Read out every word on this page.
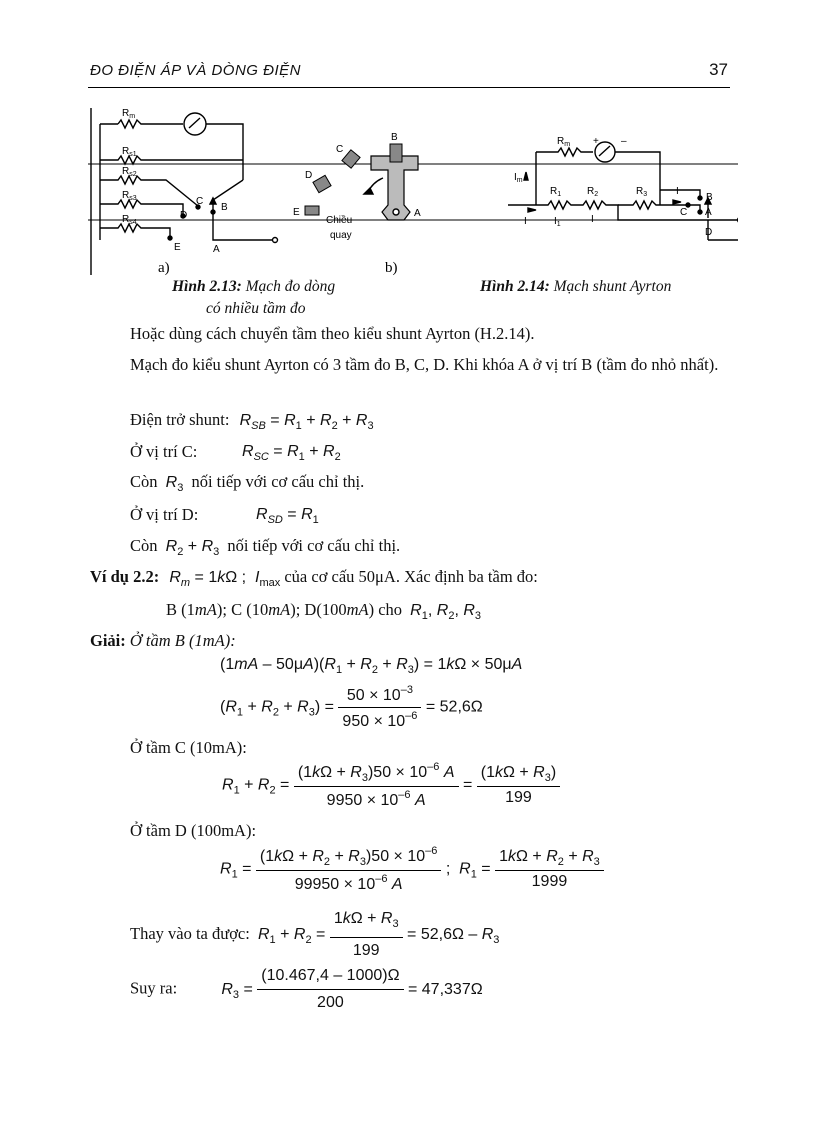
ĐO ĐIỆN ÁP VÀ DÒNG ĐIỆN	37
$R_m$
$R_{s1}$
$R_{s2}$
$R_{s3}$
$R_{s4}$
C
D
B
E	A
a)
B
C
D
E	A
Chiều
quay
b)
$R_m$ + –
$I_m$
$R_1$	$R_2$	$R_3$	I
I	$I_1$	I
B
C A
D
Hình 2.13: Mạch đo dòng
có nhiều tầm đo
Hình 2.14: Mạch shunt Ayrton
Hoặc dùng cách chuyển tầm theo kiểu shunt Ayrton (H.2.14).
Mạch đo kiểu shunt Ayrton có 3 tầm đo B, C, D. Khi khóa A ở vị trí B (tầm đo nhỏ nhất).
Điện trở shunt: $R_{SB} = R_1 + R_2 + R_3$
Ở vị trí C:	$R_{SC} = R_1 + R_2$
Còn $R_3$ nối tiếp với cơ cấu chỉ thị.
Ở vị trí D:	$R_{SD} = R_1$
Còn $R_2 + R_3$ nối tiếp với cơ cấu chỉ thị.
Ví dụ 2.2: $R_m = 1k\Omega$ ;  $I_{max}$ của cơ cấu 50μA. Xác định ba tầm đo:
B (1mA); C (10mA); D(100mA) cho $R_1$, $R_2$, $R_3$
Giải: Ở tầm B (1mA):
$(1mA - 50\mu A)(R_1 + R_2 + R_3) = 1k\Omega \times 50\mu A$
$(R_1 + R_2 + R_3) = \frac{50 \times 10^{-3}}{950 \times 10^{-6}} = 52,6\Omega$
Ở tầm C (10mA):
$R_1 + R_2 = \frac{(1k\Omega + R_3)50 \times 10^{-6} A}{9950 \times 10^{-6} A} = \frac{(1k\Omega + R_3)}{199}$
Ở tầm D (100mA):
$R_1 = \frac{(1k\Omega + R_2 + R_3)50 \times 10^{-6}}{99950 \times 10^{-6} A}$ ;  $R_1 = \frac{1k\Omega + R_2 + R_3}{1999}$
Thay vào ta được: $R_1 + R_2 = \frac{1k\Omega + R_3}{199} = 52,6\Omega - R_3$
Suy ra:	$R_3 = \frac{(10.467,4 - 1000)\Omega}{200} = 47,337\Omega$
